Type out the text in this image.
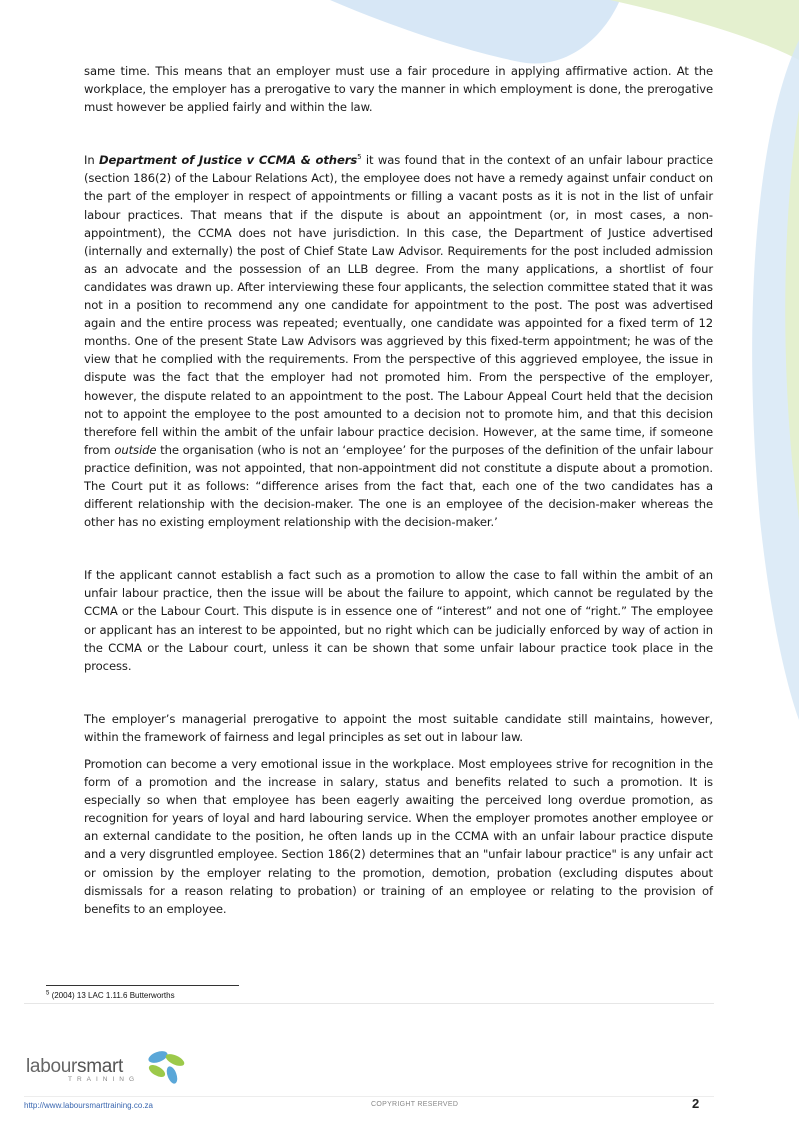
same time. This means that an employer must use a fair procedure in applying affirmative action. At the workplace, the employer has a prerogative to vary the manner in which employment is done, the prerogative must however be applied fairly and within the law.

In Department of Justice v CCMA & others$^5$ it was found that in the context of an unfair labour practice (section 186(2) of the Labour Relations Act), the employee does not have a remedy against unfair conduct on the part of the employer in respect of appointments or filling a vacant posts as it is not in the list of unfair labour practices. That means that if the dispute is about an appointment (or, in most cases, a non-appointment), the CCMA does not have jurisdiction. In this case, the Department of Justice advertised (internally and externally) the post of Chief State Law Advisor. Requirements for the post included admission as an advocate and the possession of an LLB degree. From the many applications, a shortlist of four candidates was drawn up. After interviewing these four applicants, the selection committee stated that it was not in a position to recommend any one candidate for appointment to the post. The post was advertised again and the entire process was repeated; eventually, one candidate was appointed for a fixed term of 12 months. One of the present State Law Advisors was aggrieved by this fixed-term appointment; he was of the view that he complied with the requirements. From the perspective of this aggrieved employee, the issue in dispute was the fact that the employer had not promoted him. From the perspective of the employer, however, the dispute related to an appointment to the post. The Labour Appeal Court held that the decision not to appoint the employee to the post amounted to a decision not to promote him, and that this decision therefore fell within the ambit of the unfair labour practice decision. However, at the same time, if someone from outside the organisation (who is not an ‘employee’ for the purposes of the definition of the unfair labour practice definition, was not appointed, that non-appointment did not constitute a dispute about a promotion. The Court put it as follows: “difference arises from the fact that, each one of the two candidates has a different relationship with the decision-maker. The one is an employee of the decision-maker whereas the other has no existing employment relationship with the decision-maker.’

If the applicant cannot establish a fact such as a promotion to allow the case to fall within the ambit of an unfair labour practice, then the issue will be about the failure to appoint, which cannot be regulated by the CCMA or the Labour Court. This dispute is in essence one of “interest” and not one of “right.” The employee or applicant has an interest to be appointed, but no right which can be judicially enforced by way of action in the CCMA or the Labour court, unless it can be shown that some unfair labour practice took place in the process.

The employer’s managerial prerogative to appoint the most suitable candidate still maintains, however, within the framework of fairness and legal principles as set out in labour law.

Promotion can become a very emotional issue in the workplace. Most employees strive for recognition in the form of a promotion and the increase in salary, status and benefits related to such a promotion. It is especially so when that employee has been eagerly awaiting the perceived long overdue promotion, as recognition for years of loyal and hard labouring service. When the employer promotes another employee or an external candidate to the position, he often lands up in the CCMA with an unfair labour practice dispute and a very disgruntled employee. Section 186(2) determines that an "unfair labour practice" is any unfair act or omission by the employer relating to the promotion, demotion, probation (excluding disputes about dismissals for a reason relating to probation) or training of an employee or relating to the provision of benefits to an employee.

$^5$ (2004) 13 LAC 1.11.6 Butterworths
laboursmart
TRAINING
http://www.laboursmarttraining.co.za	COPYRIGHT RESERVED	2
